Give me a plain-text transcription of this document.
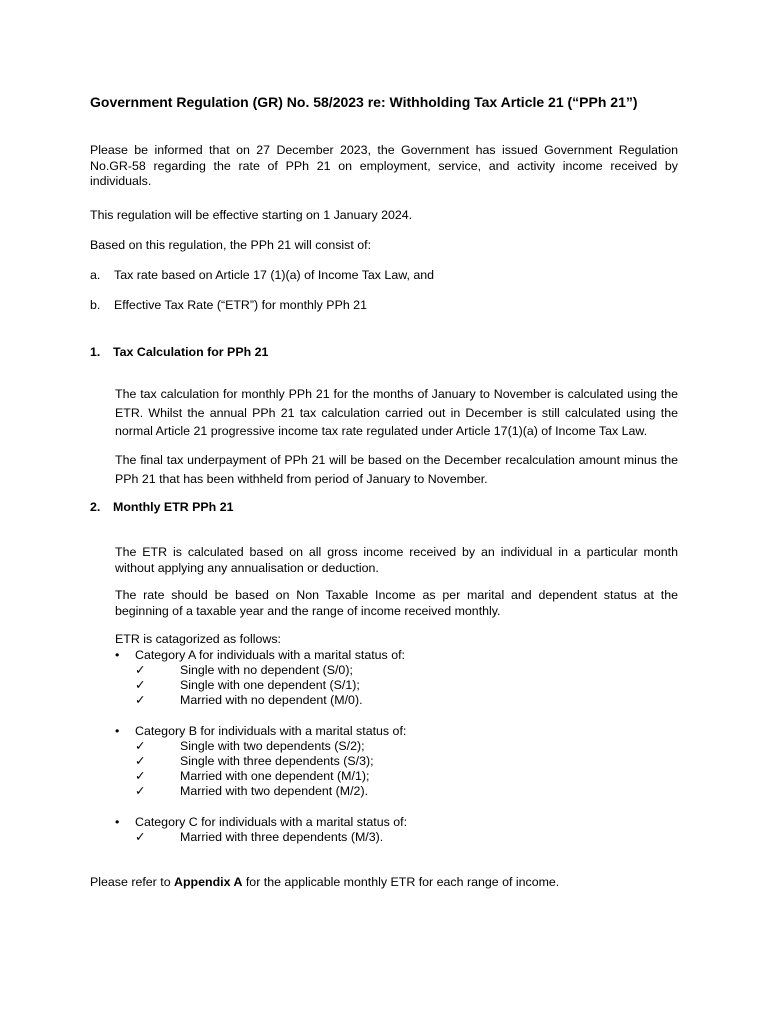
Government Regulation (GR) No. 58/2023 re: Withholding Tax Article 21 (“PPh 21”)

Please be informed that on 27 December 2023, the Government has issued Government Regulation No.GR-58 regarding the rate of PPh 21 on employment, service, and activity income received by individuals.

This regulation will be effective starting on 1 January 2024.

Based on this regulation, the PPh 21 will consist of:

a. Tax rate based on Article 17 (1)(a) of Income Tax Law, and
b. Effective Tax Rate (“ETR”) for monthly PPh 21
1. Tax Calculation for PPh 21

The tax calculation for monthly PPh 21 for the months of January to November is calculated using the ETR. Whilst the annual PPh 21 tax calculation carried out in December is still calculated using the normal Article 21 progressive income tax rate regulated under Article 17(1)(a) of Income Tax Law.

The final tax underpayment of PPh 21 will be based on the December recalculation amount minus the PPh 21 that has been withheld from period of January to November.

2. Monthly ETR PPh 21

The ETR is calculated based on all gross income received by an individual in a particular month without applying any annualisation or deduction.

The rate should be based on Non Taxable Income as per marital and dependent status at the beginning of a taxable year and the range of income received monthly.

ETR is catagorized as follows:

• Category A for individuals with a marital status of:
✓	Single with no dependent (S/0);
✓	Single with one dependent (S/1);
✓	Married with no dependent (M/0).
• Category B for individuals with a marital status of:
✓	Single with two dependents (S/2);
✓	Single with three dependents (S/3);
✓	Married with one dependent (M/1);
✓	Married with two dependent (M/2).
• Category C for individuals with a marital status of:
✓	Married with three dependents (M/3).

Please refer to Appendix A for the applicable monthly ETR for each range of income.
